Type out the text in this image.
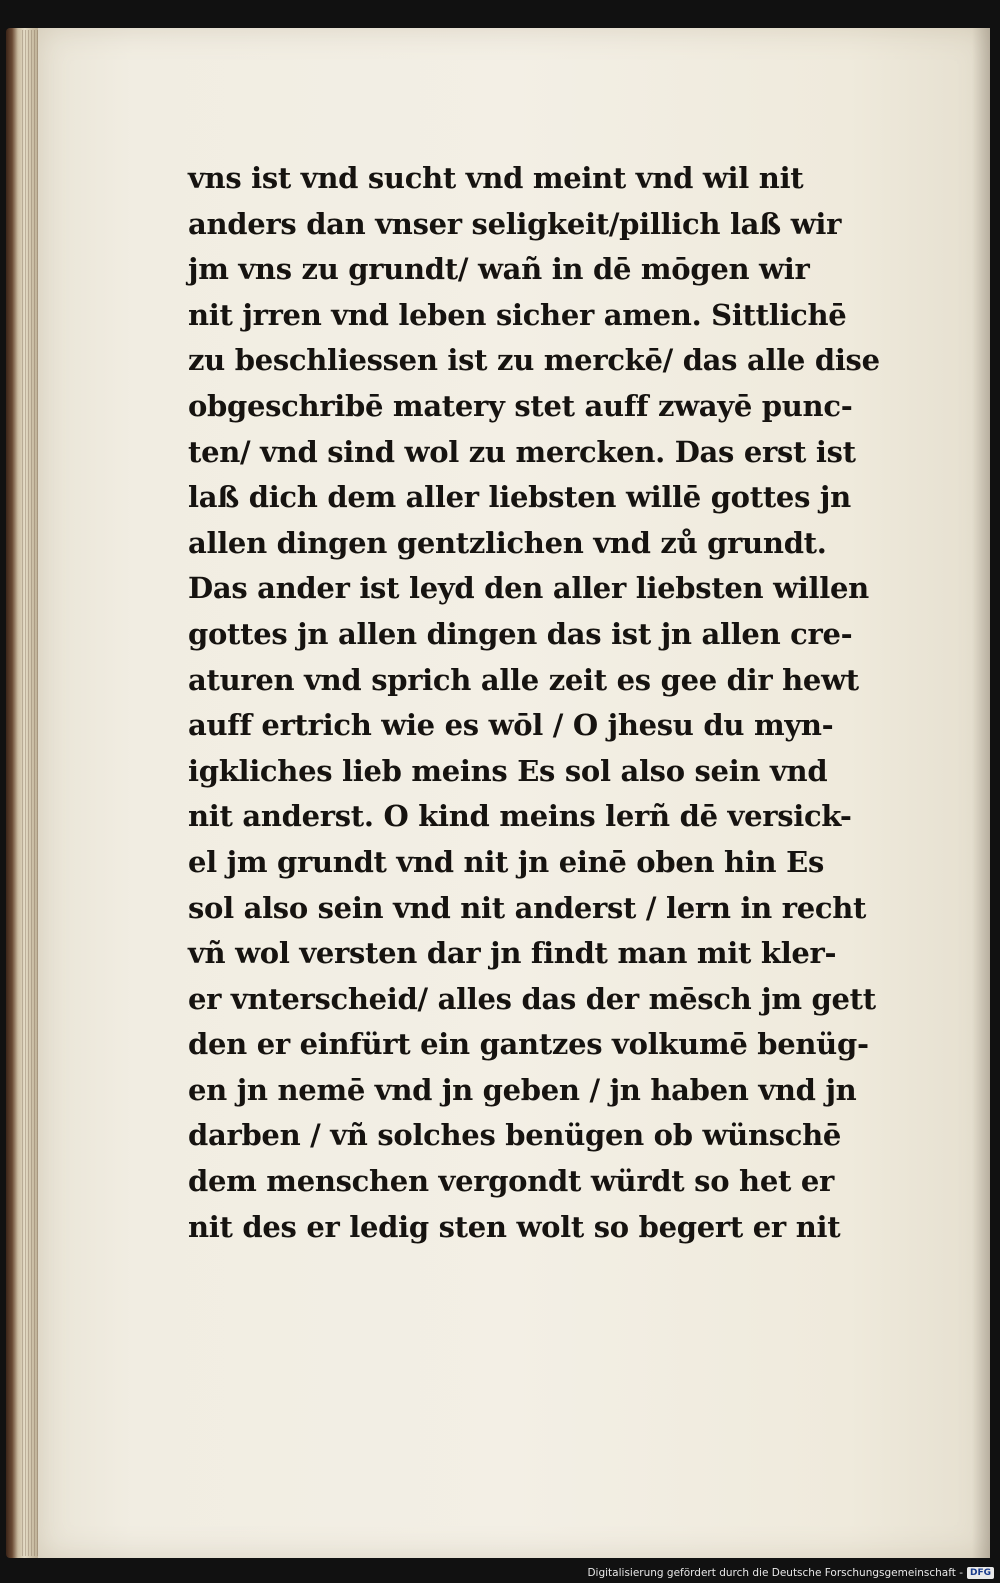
vns ist vnd sucht vnd meint vnd wil nit
anders dan vnser seligkeit/pillich laß wir
jm vns zu grundt/ wañ in dē mōgen wir
nit jrren vnd leben sicher amen. Sittlichē
zu beschliessen ist zu merckē/ das alle dise
obgeschribē matery stet auff zwayē punc-
ten/ vnd sind wol zu mercken. Das erst ist
laß dich dem aller liebsten willē gottes jn
allen dingen gentzlichen vnd zů grundt.
Das ander ist leyd den aller liebsten willen
gottes jn allen dingen das ist jn allen cre-
aturen vnd sprich alle zeit es gee dir hewt
auff ertrich wie es wōl / O jhesu du myn-
igkliches lieb meins Es sol also sein vnd
nit anderst. O kind meins lerñ dē versick-
el jm grundt vnd nit jn einē oben hin Es
sol also sein vnd nit anderst / lern in recht
vñ wol versten dar jn findt man mit kler-
er vnterscheid/ alles das der mēsch jm gett
den er einfürt ein gantzes volkumē benüg-
en jn nemē vnd jn geben / jn haben vnd jn
darben / vñ solches benügen ob wünschē
dem menschen vergondt würdt so het er
nit des er ledig sten wolt so begert er nit
Digitalisierung gefördert durch die Deutsche Forschungsgemeinschaft - DFG
